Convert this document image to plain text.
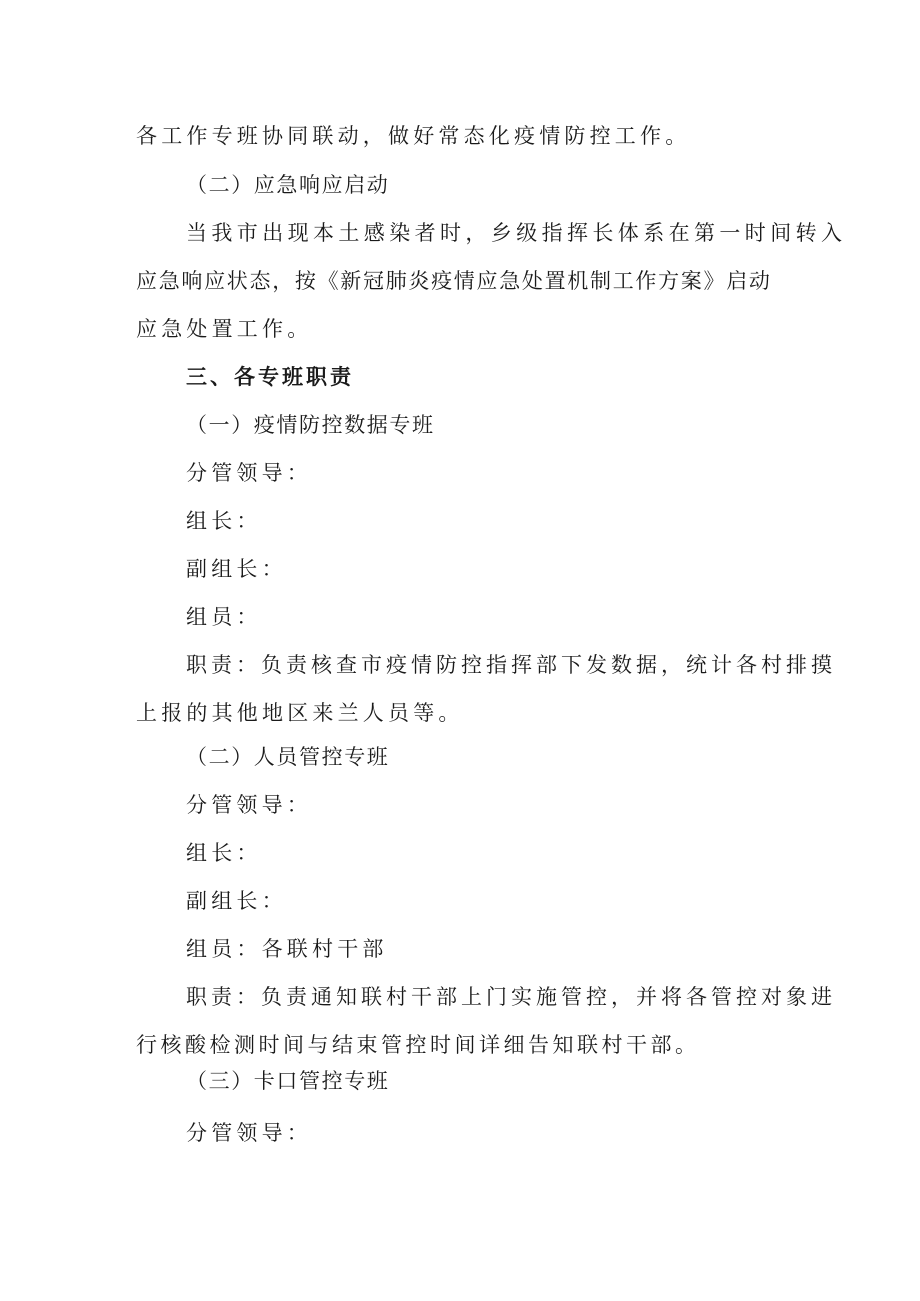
各工作专班协同联动，做好常态化疫情防控工作。
（二）应急响应启动
当我市出现本土感染者时，乡级指挥长体系在第一时间转入
应急响应状态，按《新冠肺炎疫情应急处置机制工作方案》启动
应急处置工作。
三、各专班职责
（一）疫情防控数据专班
分管领导：
组长：
副组长：
组员：
职责：负责核查市疫情防控指挥部下发数据，统计各村排摸
上报的其他地区来兰人员等。
（二）人员管控专班
分管领导：
组长：
副组长：
组员：各联村干部
职责：负责通知联村干部上门实施管控，并将各管控对象进
行核酸检测时间与结束管控时间详细告知联村干部。
（三）卡口管控专班
分管领导：
